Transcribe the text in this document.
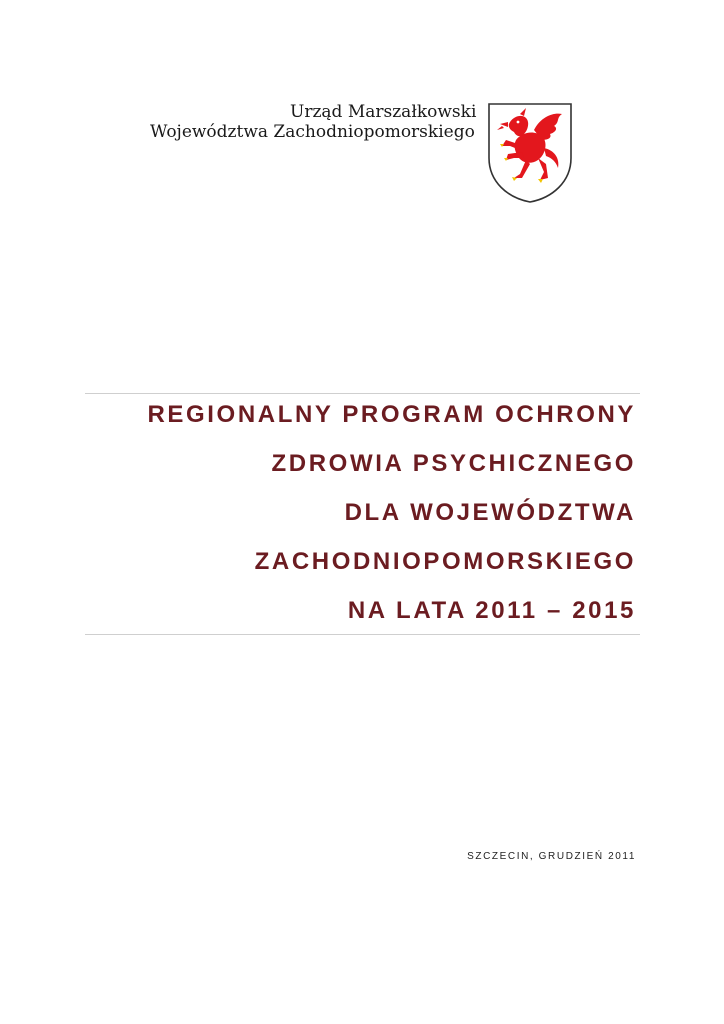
Urząd Marszałkowski
Województwa Zachodniopomorskiego
REGIONALNY PROGRAM OCHRONY
ZDROWIA PSYCHICZNEGO
DLA WOJEWÓDZTWA
ZACHODNIOPOMORSKIEGO
NA LATA 2011 – 2015
SZCZECIN, GRUDZIEŃ 2011
